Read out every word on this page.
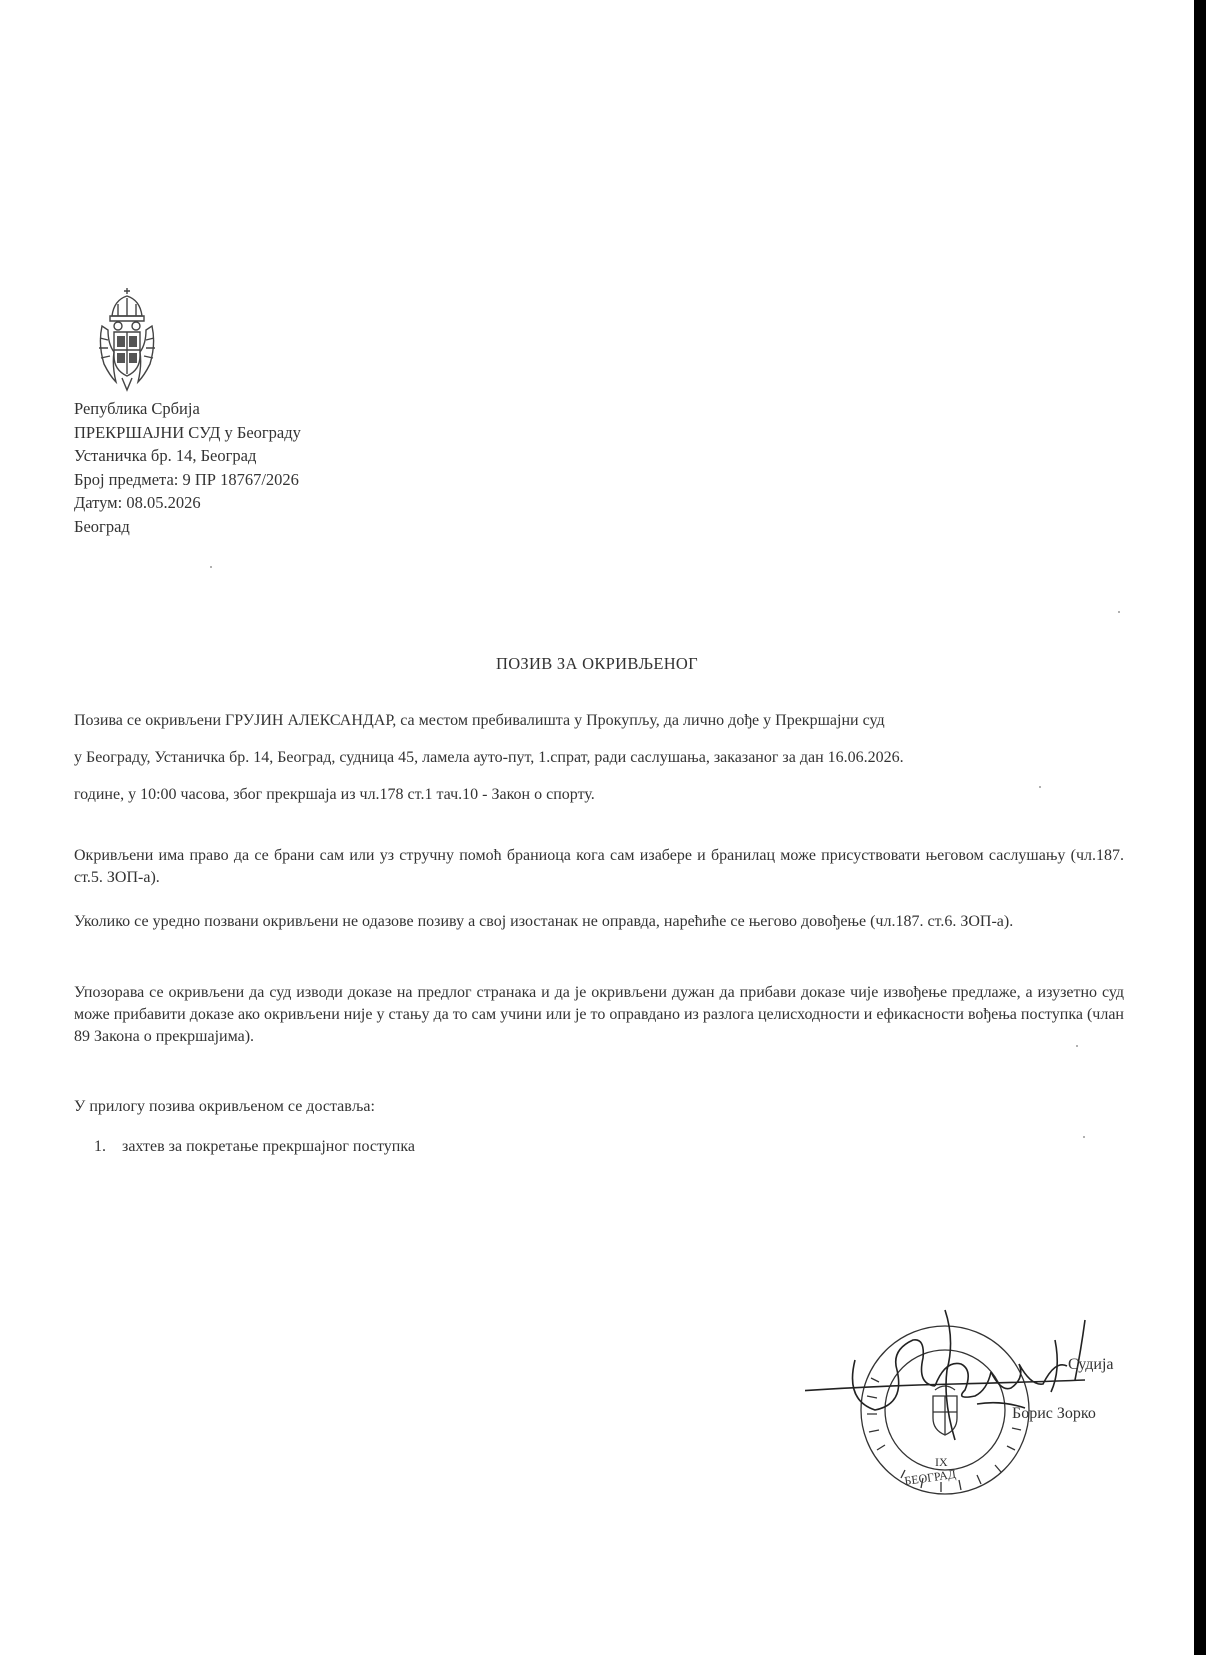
Република Србија
ПРЕКРШАЈНИ СУД у Београду
Устаничка бр. 14, Београд
Број предмета: 9 ПР 18767/2026
Датум: 08.05.2026
Београд
ПОЗИВ ЗА ОКРИВЉЕНОГ
Позива се окривљени ГРУЈИН АЛЕКСАНДАР, са местом пребивалишта у Прокупљу, да лично дође у Прекршајни суд
у Београду, Устаничка бр. 14, Београд, судница 45, ламела ауто-пут, 1.спрат, ради саслушања, заказаног за дан 16.06.2026.
године, у 10:00 часова, због прекршаја из чл.178 ст.1 тач.10 - Закон о спорту.
Окривљени има право да се брани сам или уз стручну помоћ браниоца кога сам изабере и бранилац може присуствовати његовом саслушању (чл.187. ст.5. ЗОП-а).
Уколико се уредно позвани окривљени не одазове позиву а свој изостанак не оправда, нарећиће се његово довођење (чл.187. ст.6. ЗОП-а).
Упозорава се окривљени да суд изводи доказе на предлог странака и да је окривљени дужан да прибави доказе чије извођење предлаже, а изузетно суд може прибавити доказе ако окривљени није у стању да то сам учини или је то оправдано из разлога целисходности и ефикасности вођења поступка (члан 89 Закона о прекршајима).
У прилогу позива окривљеном се доставља:
1. захтев за покретање прекршајног поступка
IX
БЕОГРАД
Судија
Борис Зорко
